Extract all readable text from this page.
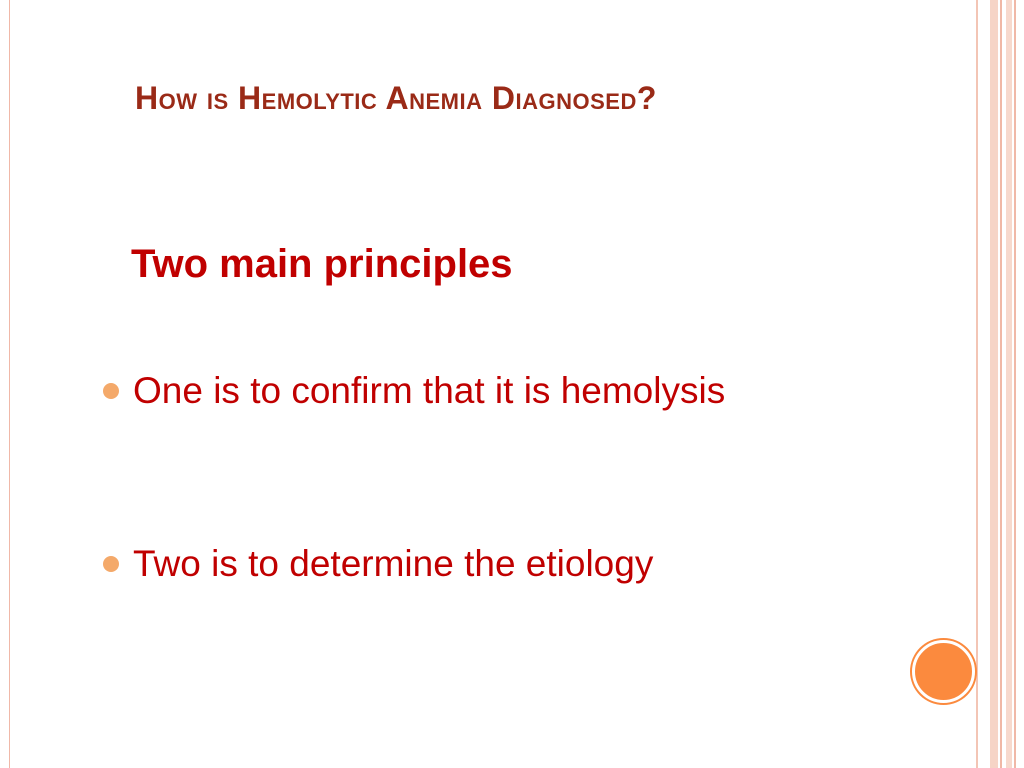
How is Hemolytic Anemia Diagnosed?
Two main principles
One is to confirm that it is hemolysis
Two is to determine the etiology
